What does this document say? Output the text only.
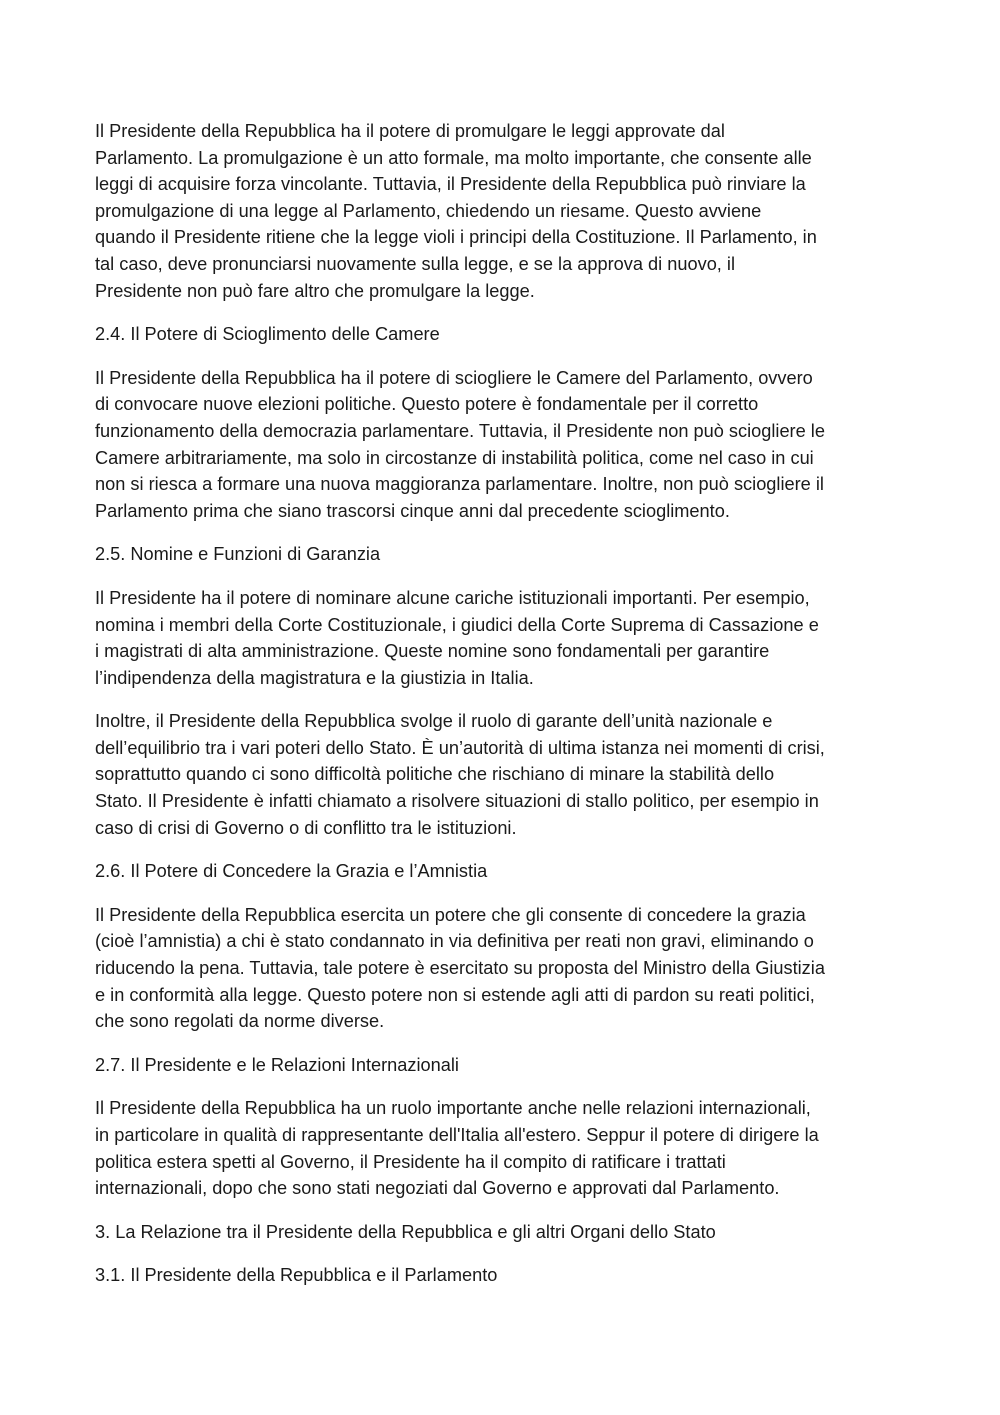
Il Presidente della Repubblica ha il potere di promulgare le leggi approvate dal
Parlamento. La promulgazione è un atto formale, ma molto importante, che consente alle
leggi di acquisire forza vincolante. Tuttavia, il Presidente della Repubblica può rinviare la
promulgazione di una legge al Parlamento, chiedendo un riesame. Questo avviene
quando il Presidente ritiene che la legge violi i principi della Costituzione. Il Parlamento, in
tal caso, deve pronunciarsi nuovamente sulla legge, e se la approva di nuovo, il
Presidente non può fare altro che promulgare la legge.
2.4. Il Potere di Scioglimento delle Camere
Il Presidente della Repubblica ha il potere di sciogliere le Camere del Parlamento, ovvero
di convocare nuove elezioni politiche. Questo potere è fondamentale per il corretto
funzionamento della democrazia parlamentare. Tuttavia, il Presidente non può sciogliere le
Camere arbitrariamente, ma solo in circostanze di instabilità politica, come nel caso in cui
non si riesca a formare una nuova maggioranza parlamentare. Inoltre, non può sciogliere il
Parlamento prima che siano trascorsi cinque anni dal precedente scioglimento.
2.5. Nomine e Funzioni di Garanzia
Il Presidente ha il potere di nominare alcune cariche istituzionali importanti. Per esempio,
nomina i membri della Corte Costituzionale, i giudici della Corte Suprema di Cassazione e
i magistrati di alta amministrazione. Queste nomine sono fondamentali per garantire
l’indipendenza della magistratura e la giustizia in Italia.
Inoltre, il Presidente della Repubblica svolge il ruolo di garante dell’unità nazionale e
dell’equilibrio tra i vari poteri dello Stato. È un’autorità di ultima istanza nei momenti di crisi,
soprattutto quando ci sono difficoltà politiche che rischiano di minare la stabilità dello
Stato. Il Presidente è infatti chiamato a risolvere situazioni di stallo politico, per esempio in
caso di crisi di Governo o di conflitto tra le istituzioni.
2.6. Il Potere di Concedere la Grazia e l’Amnistia
Il Presidente della Repubblica esercita un potere che gli consente di concedere la grazia
(cioè l’amnistia) a chi è stato condannato in via definitiva per reati non gravi, eliminando o
riducendo la pena. Tuttavia, tale potere è esercitato su proposta del Ministro della Giustizia
e in conformità alla legge. Questo potere non si estende agli atti di pardon su reati politici,
che sono regolati da norme diverse.
2.7. Il Presidente e le Relazioni Internazionali
Il Presidente della Repubblica ha un ruolo importante anche nelle relazioni internazionali,
in particolare in qualità di rappresentante dell'Italia all'estero. Seppur il potere di dirigere la
politica estera spetti al Governo, il Presidente ha il compito di ratificare i trattati
internazionali, dopo che sono stati negoziati dal Governo e approvati dal Parlamento.
3. La Relazione tra il Presidente della Repubblica e gli altri Organi dello Stato
3.1. Il Presidente della Repubblica e il Parlamento
